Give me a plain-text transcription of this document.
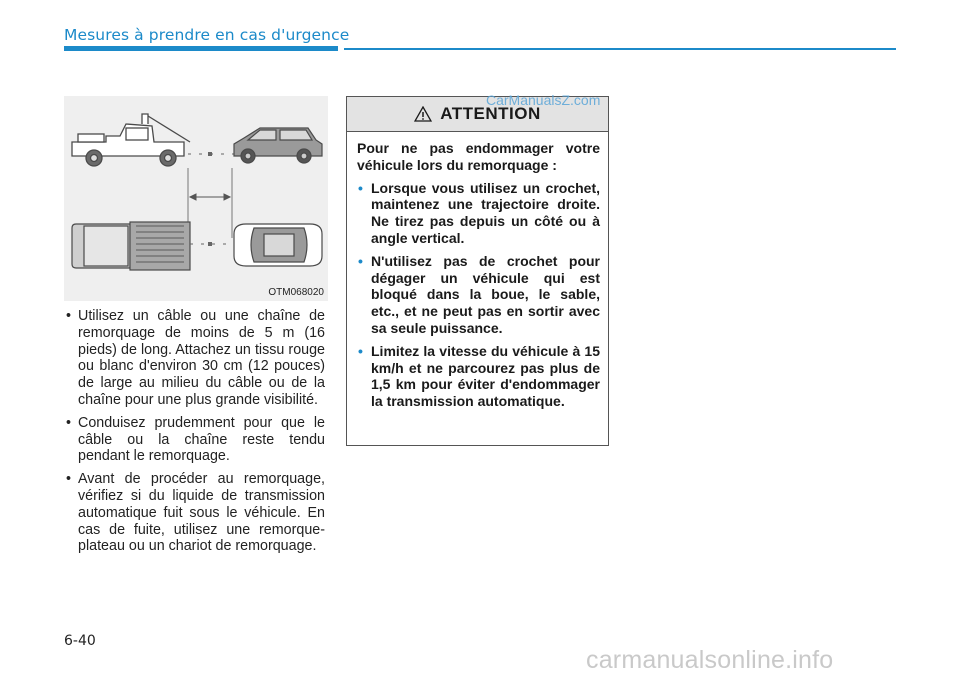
Mesures à prendre en cas d'urgence
OTM068020
• Utilisez un câble ou une chaîne de remorquage de moins de 5 m (16 pieds) de long. Attachez un tissu rouge ou blanc d'environ 30 cm (12 pouces) de large au milieu du câble ou de la chaîne pour une plus grande visibilité.
• Conduisez prudemment pour que le câble ou la chaîne reste tendu pendant le remorquage.
• Avant de procéder au remorquage, vérifiez si du liquide de transmission automatique fuit sous le véhicule. En cas de fuite, utilisez une remorque-plateau ou un chariot de remorquage.
ATTENTION

Pour ne pas endommager votre véhicule lors du remorquage :

• Lorsque vous utilisez un crochet, maintenez une trajectoire droite. Ne tirez pas depuis un côté ou à angle vertical.
• N'utilisez pas de crochet pour dégager un véhicule qui est bloqué dans la boue, le sable, etc., et ne peut pas en sortir avec sa seule puissance.
• Limitez la vitesse du véhicule à 15 km/h et ne parcourez pas plus de 1,5 km pour éviter d'endommager la transmission automatique.
CarManualsZ.com
6-40
carmanualsonline.info
